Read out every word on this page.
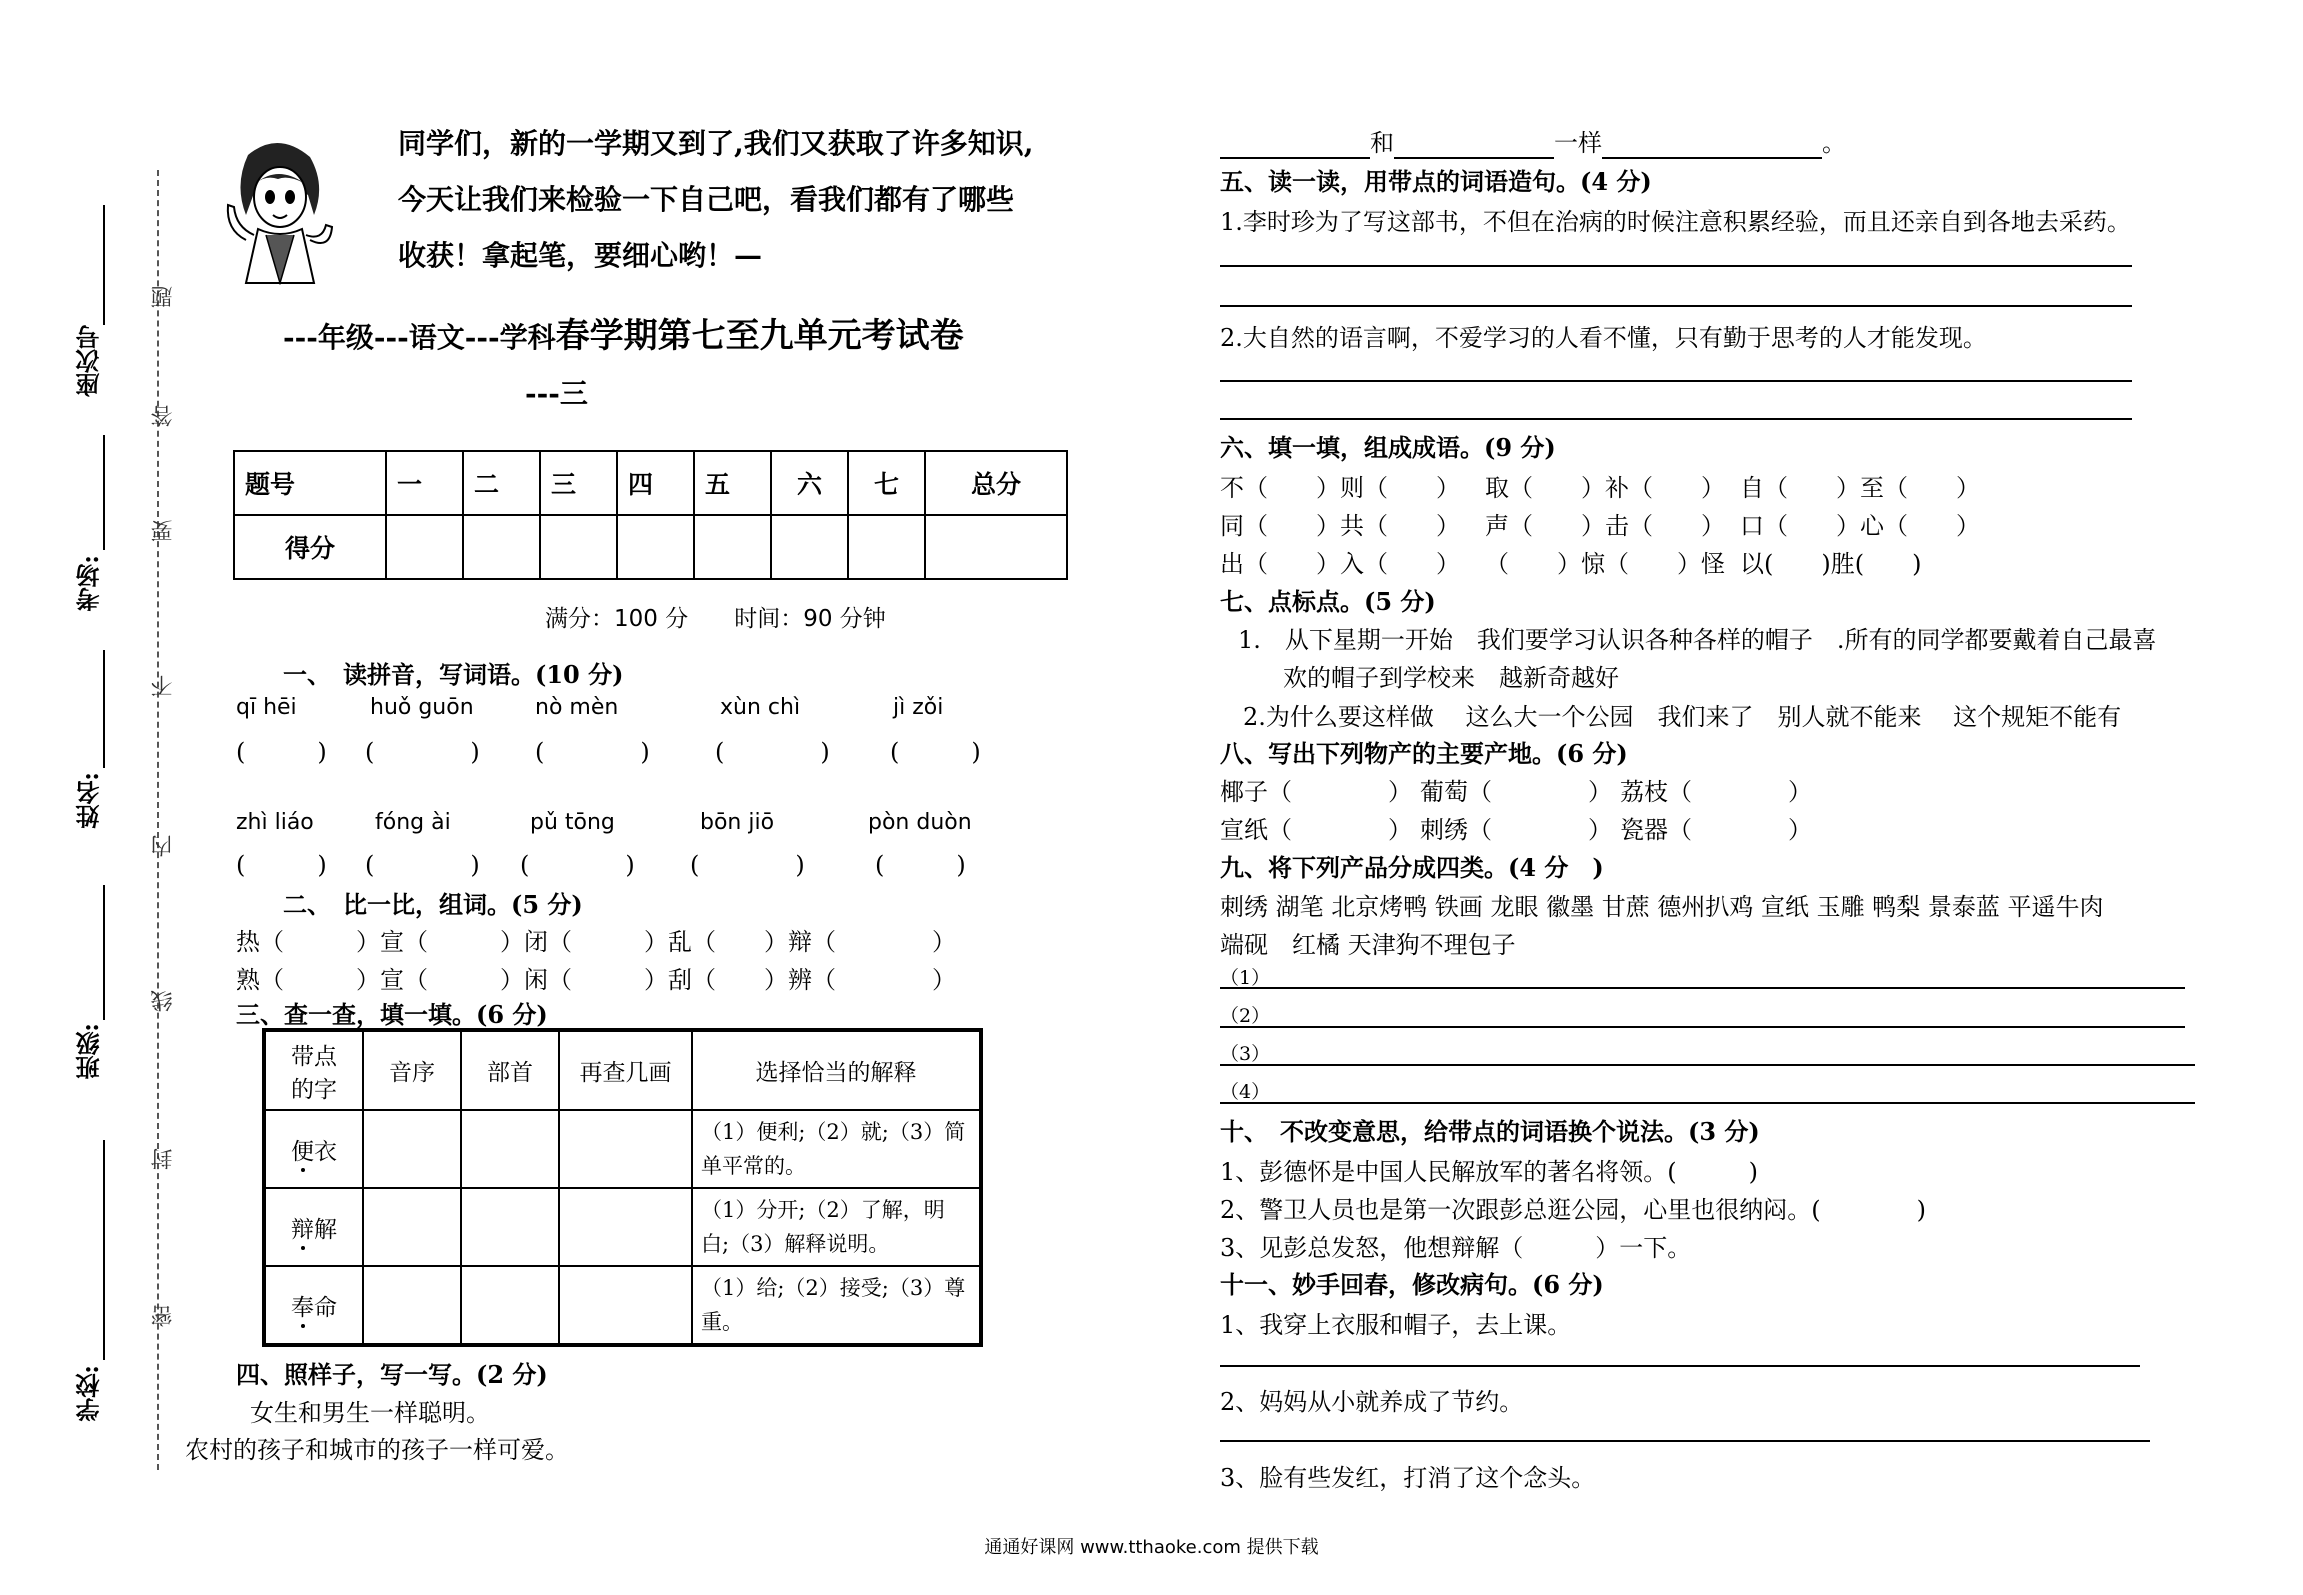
座次号
考场:
姓名:
班级:
学校:
题
答
要
不
内
线
封
密
同学们，新的一学期又到了,我们又获取了许多知识,
今天让我们来检验一下自己吧，看我们都有了哪些
收获！拿起笔，要细心哟！—
---年级---语文---学科春学期第七至九单元考试卷
---三
题号	一	二	三	四	五	六	七	总分
得分								
满分：100 分　　时间：90 分钟
一、　读拼音，写词语。(10 分)
qī hēi	huǒ guōn	nò mèn	xùn chì	jì zǒi
(　　　) (　　　　) (　　　　)	(　　　　)	(　　　)
zhì liáo	fóng ài	pǔ tōng	bōn jiō	pòn duòn
(　　　) (　　　　) (　　　　) (　　　　)	(　　　)
二、　比一比，组词。(5 分)
热（　　　）宣（　　　）闭（　　　）乱（　　）辩（　　　　）
熟（　　　）宣（　　　）闲（　　　）刮（　　）辨（　　　　）
三、查一查，填一填。(6 分)
带点
的字	音序	部首	再查几画	选择恰当的解释
便衣				（1）便利;（2）就;（3）简单平常的。
辩解				（1）分开;（2）了解，明白;（3）解释说明。
奉命				（1）给;（2）接受;（3）尊重。
四、照样子，写一写。(2 分)
女生和男生一样聪明。
农村的孩子和城市的孩子一样可爱。
和	一样	。
五、读一读，用带点的词语造句。(4 分)
1.李时珍为了写这部书，不但在治病的时候注意积累经验，而且还亲自到各地去采药。
2.大自然的语言啊，不爱学习的人看不懂，只有勤于思考的人才能发现。
六、填一填，组成成语。(9 分)
不（　　）则（　　） 取（　　）补（　　） 自（　　）至（　　）
同（　　）共（　　） 声（　　）击（　　） 口（　　）心（　　）
出（　　）入（　　） （　　）惊（　　）怪 以(　　)胜(　　)
七、点标点。(5 分)
1.　从下星期一开始　我们要学习认识各种各样的帽子　.所有的同学都要戴着自己最喜
欢的帽子到学校来　越新奇越好
2.为什么要这样做　 这么大一个公园　我们来了　别人就不能来　 这个规矩不能有
八、写出下列物产的主要产地。(6 分)
椰子（　　　　） 葡萄（　　　　） 荔枝（　　　　）
宣纸（　　　　） 刺绣（　　　　） 瓷器（　　　　）
九、将下列产品分成四类。(4 分　)
刺绣 湖笔 北京烤鸭 铁画 龙眼 徽墨 甘蔗 德州扒鸡 宣纸 玉雕 鸭梨 景泰蓝 平遥牛肉
端砚　红橘 天津狗不理包子
（1）
（2）
（3）
（4）
十、　不改变意思，给带点的词语换个说法。(3 分)
1、彭德怀是中国人民解放军的著名将领。(　　　)
2、警卫人员也是第一次跟彭总逛公园，心里也很纳闷。(　　　　)
3、见彭总发怒，他想辩解（　　　）一下。
十一、妙手回春，修改病句。(6 分)
1、我穿上衣服和帽子，去上课。
2、妈妈从小就养成了节约。
3、脸有些发红，打消了这个念头。
通通好课网 www.tthaoke.com 提供下载
